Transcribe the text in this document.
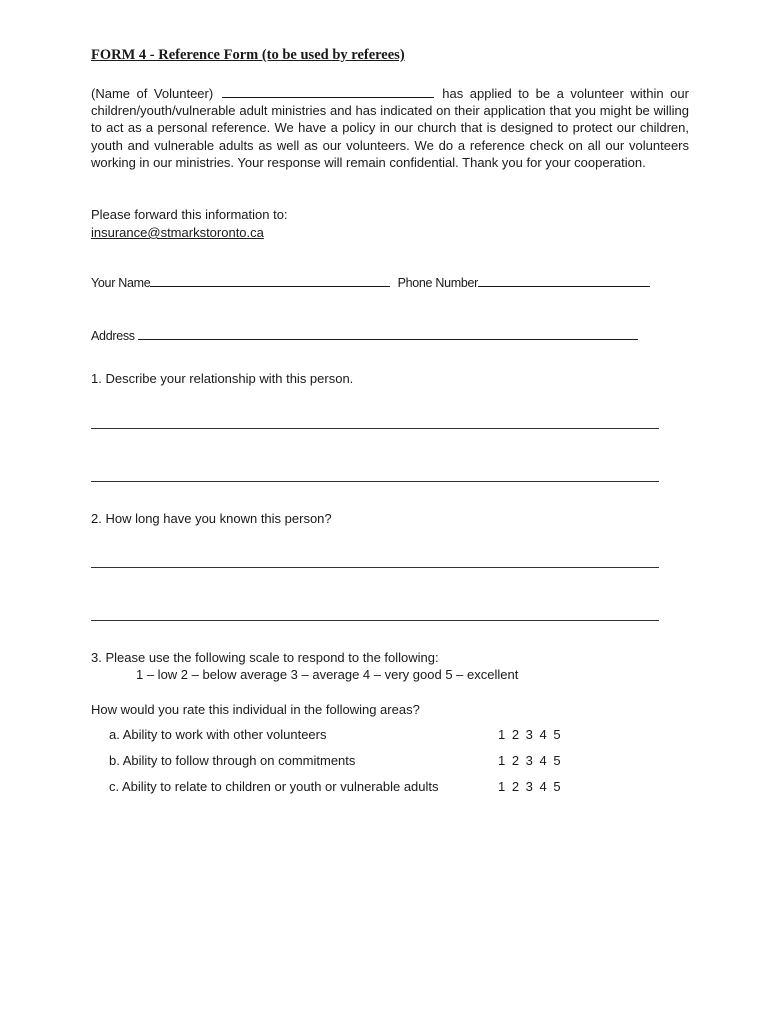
FORM 4 - Reference Form (to be used by referees)
(Name of Volunteer)	has applied to be a volunteer within our children/youth/vulnerable adult ministries and has indicated on their application that you might be willing to act as a personal reference. We have a policy in our church that is designed to protect our children, youth and vulnerable adults as well as our volunteers. We do a reference check on all our volunteers working in our ministries. Your response will remain confidential. Thank you for your cooperation.
Please forward this information to:
insurance@stmarkstoronto.ca
Your Name	Phone Number
Address
1. Describe your relationship with this person.
2. How long have you known this person?
3. Please use the following scale to respond to the following:
1 – low 2 – below average 3 – average 4 – very good 5 – excellent
How would you rate this individual in the following areas?
a. Ability to work with other volunteers	1 2 3 4 5
b. Ability to follow through on commitments	1 2 3 4 5
c. Ability to relate to children or youth or vulnerable adults	1 2 3 4 5
